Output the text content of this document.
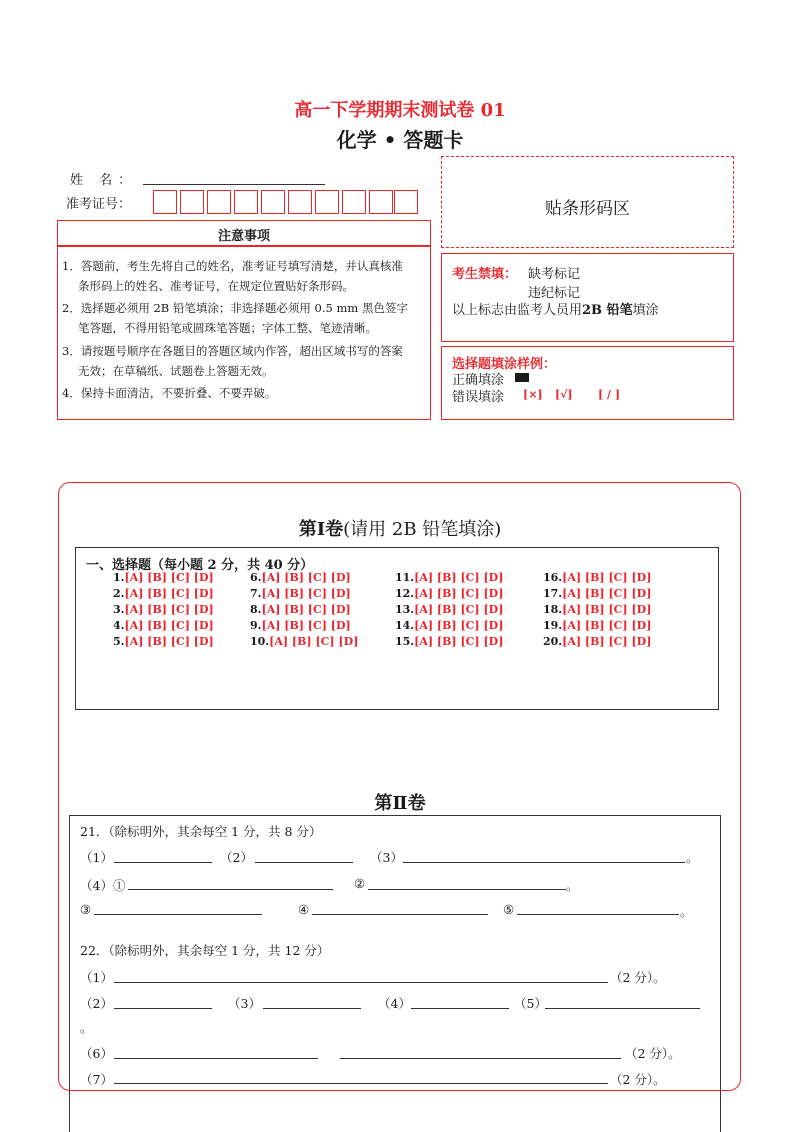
高一下学期期末测试卷 01
化学 • 答题卡
姓 名：
准考证号：	贴条形码区
注意事项
1．答题前，考生先将自己的姓名，准考证号填写清楚，并认真核准
条形码上的姓名、准考证号，在规定位置贴好条形码。
2．选择题必须用 2B 铅笔填涂；非选择题必须用 0.5 mm 黑色签字
笔答题，不得用铅笔或圆珠笔答题；字体工整、笔迹清晰。
3．请按题号顺序在各题目的答题区域内作答，超出区域书写的答案
无效；在草稿纸、试题卷上答题无效。
4．保持卡面清洁，不要折叠、不要弄破。
考生禁填： 缺考标记
违纪标记
以上标志由监考人员用2B 铅笔填涂
选择题填涂样例：
正确填涂
错误填涂 [×] [√] [ / ]
第Ⅰ卷(请用 2B 铅笔填涂)
一、选择题（每小题 2 分，共 40 分）
1.[A] [B] [C] [D]
2.[A] [B] [C] [D]
3.[A] [B] [C] [D]
4.[A] [B] [C] [D]
5.[A] [B] [C] [D]
6.[A] [B] [C] [D]
7.[A] [B] [C] [D]
8.[A] [B] [C] [D]
9.[A] [B] [C] [D]
10.[A] [B] [C] [D]
11.[A] [B] [C] [D]
12.[A] [B] [C] [D]
13.[A] [B] [C] [D]
14.[A] [B] [C] [D]
15.[A] [B] [C] [D]
16.[A] [B] [C] [D]
17.[A] [B] [C] [D]
18.[A] [B] [C] [D]
19.[A] [B] [C] [D]
20.[A] [B] [C] [D]
第Ⅱ卷
21．（除标明外，其余每空 1 分，共 8 分）
（1）	（2）	（3）	。
（4）①	②	。
③	④	⑤	。
22．（除标明外，其余每空 1 分，共 12 分）
（1）	（2 分）。
（2）	（3）	（4）	（5）
。
（6）	（2 分）。
（7）	（2 分）。
